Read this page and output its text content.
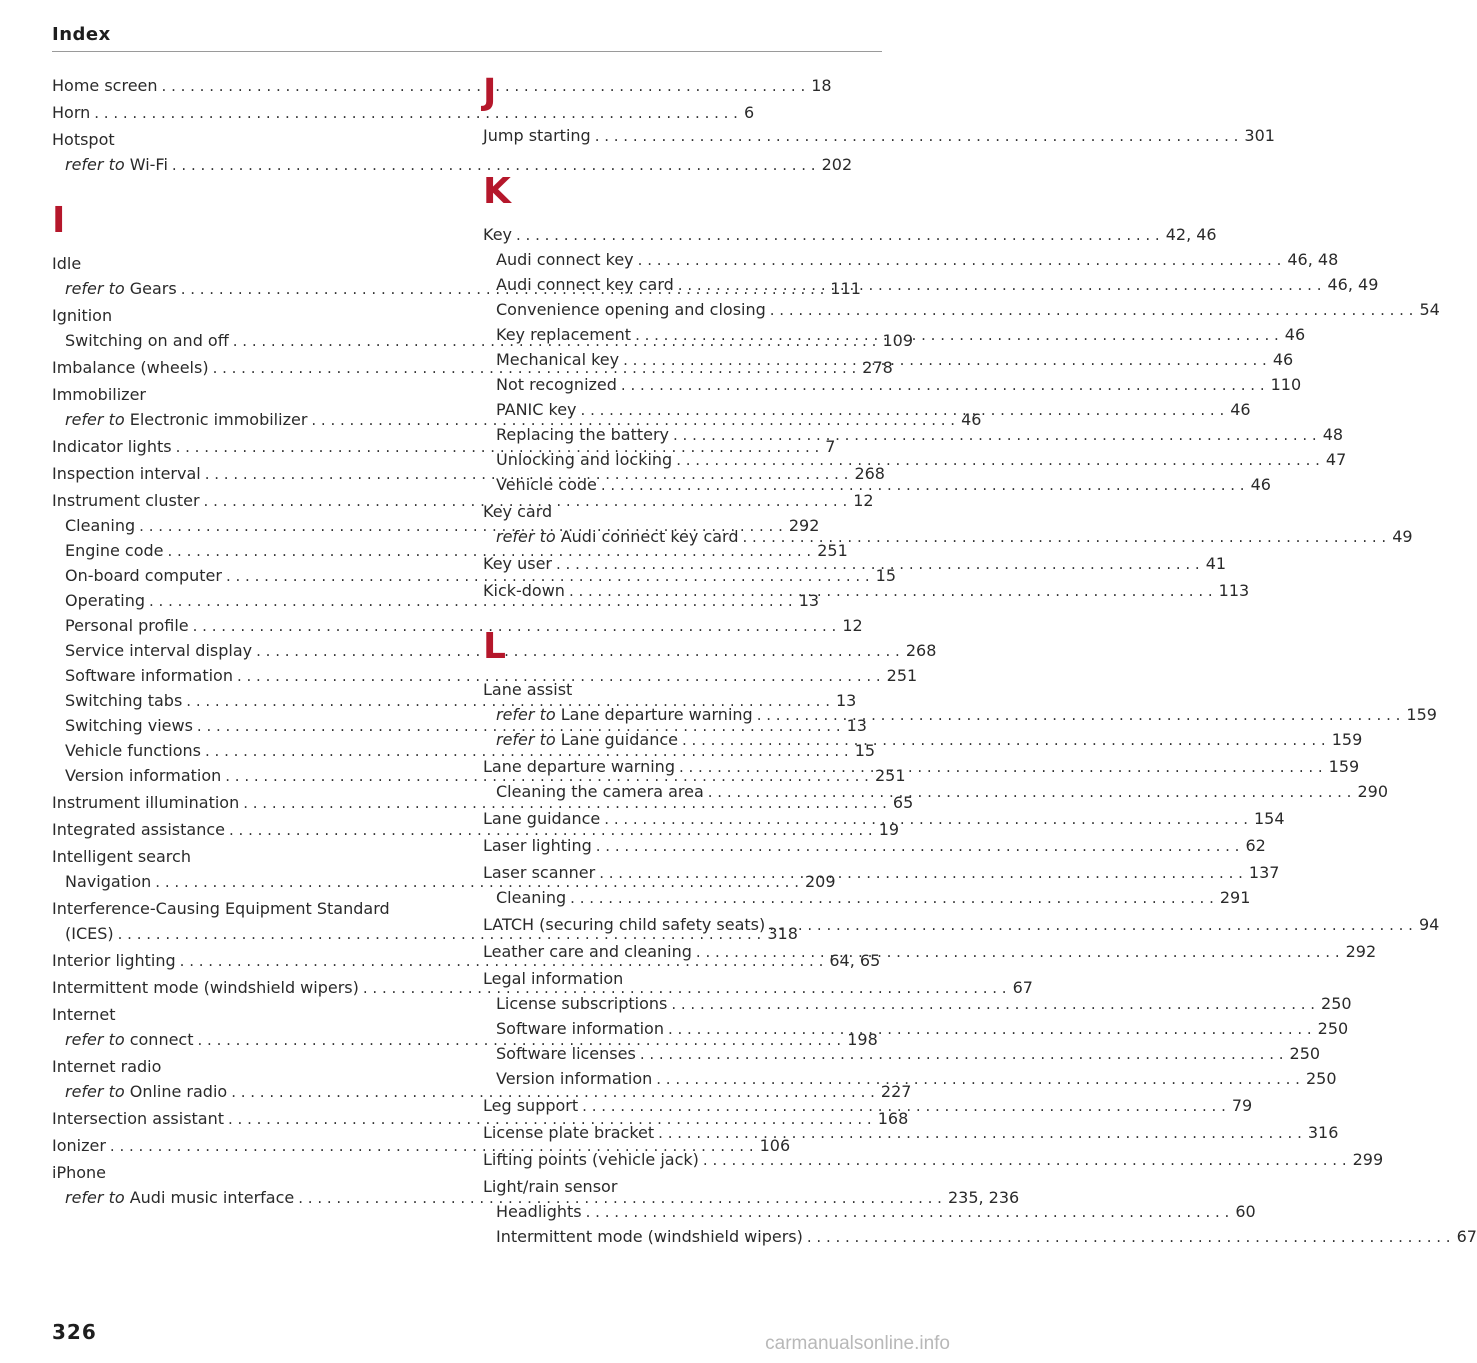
Index
Home screen . . .	18
Horn . . .	6
Hotspot
refer to Wi-Fi . . .	202
I
Idle
refer to Gears . . .	111
Ignition
Switching on and off . . .	109
Imbalance (wheels) . . .	278
Immobilizer
refer to Electronic immobilizer . . .	46
Indicator lights . . .	7
Inspection interval . . .	268
Instrument cluster . . .	12
Cleaning . . .	292
Engine code . . .	251
On-board computer . . .	15
Operating . . .	13
Personal profile . . .	12
Service interval display . . .	268
Software information . . .	251
Switching tabs . . .	13
Switching views . . .	13
Vehicle functions . . .	15
Version information . . .	251
Instrument illumination . . .	65
Integrated assistance . . .	19
Intelligent search
Navigation . . .	209
Interference-Causing Equipment Standard
(ICES) . . .	318
Interior lighting . . .	64, 65
Intermittent mode (windshield wipers) . . .	67
Internet
refer to connect . . .	198
Internet radio
refer to Online radio . . .	227
Intersection assistant . . .	168
Ionizer . . .	106
iPhone
refer to Audi music interface . . .	235, 236
J
Jump starting . . .	301
K
Key . . .	42, 46
Audi connect key . . .	46, 48
Audi connect key card . . .	46, 49
Convenience opening and closing . . .	54
Key replacement . . .	46
Mechanical key . . .	46
Not recognized . . .	110
PANIC key . . .	46
Replacing the battery . . .	48
Unlocking and locking . . .	47
Vehicle code . . .	46
Key card
refer to Audi connect key card . . .	49
Key user . . .	41
Kick-down . . .	113
L
Lane assist
refer to Lane departure warning . . .	159
refer to Lane guidance . . .	159
Lane departure warning . . .	159
Cleaning the camera area . . .	290
Lane guidance . . .	154
Laser lighting . . .	62
Laser scanner . . .	137
Cleaning . . .	291
LATCH (securing child safety seats) . . .	94
Leather care and cleaning . . .	292
Legal information
License subscriptions . . .	250
Software information . . .	250
Software licenses . . .	250
Version information . . .	250
Leg support . . .	79
License plate bracket . . .	316
Lifting points (vehicle jack) . . .	299
Light/rain sensor
Headlights . . .	60
Intermittent mode (windshield wipers) . . .	67
326	carmanualsonline.info
